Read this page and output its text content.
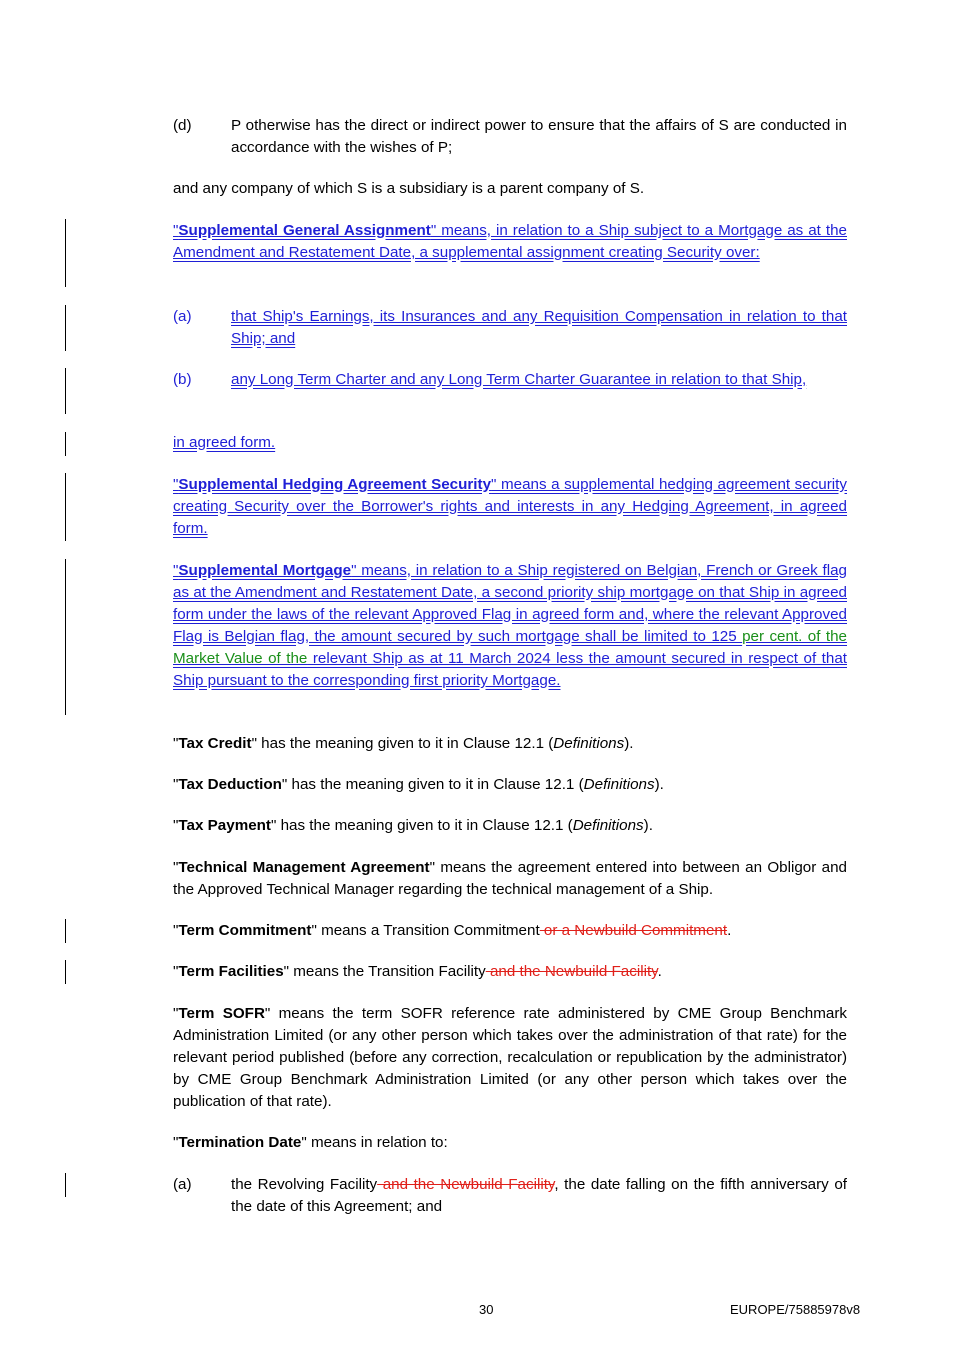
(d)	P otherwise has the direct or indirect power to ensure that the affairs of S are conducted in accordance with the wishes of P;

and any company of which S is a subsidiary is a parent company of S.

"Supplemental General Assignment" means, in relation to a Ship subject to a Mortgage as at the Amendment and Restatement Date, a supplemental assignment creating Security over:

(a)	that Ship's Earnings, its Insurances and any Requisition Compensation in relation to that Ship; and
(b)	any Long Term Charter and any Long Term Charter Guarantee in relation to that Ship,

in agreed form.

"Supplemental Hedging Agreement Security" means a supplemental hedging agreement security creating Security over the Borrower's rights and interests in any Hedging Agreement, in agreed form.

"Supplemental Mortgage" means, in relation to a Ship registered on Belgian, French or Greek flag as at the Amendment and Restatement Date, a second priority ship mortgage on that Ship in agreed form under the laws of the relevant Approved Flag in agreed form and, where the relevant Approved Flag is Belgian flag, the amount secured by such mortgage shall be limited to 125 per cent. of the Market Value of the relevant Ship as at 11 March 2024 less the amount secured in respect of that Ship pursuant to the corresponding first priority Mortgage.

"Tax Credit" has the meaning given to it in Clause 12.1 (Definitions).

"Tax Deduction" has the meaning given to it in Clause 12.1 (Definitions).

"Tax Payment" has the meaning given to it in Clause 12.1 (Definitions).

"Technical Management Agreement" means the agreement entered into between an Obligor and the Approved Technical Manager regarding the technical management of a Ship.

"Term Commitment" means a Transition Commitment or a Newbuild Commitment.

"Term Facilities" means the Transition Facility and the Newbuild Facility.

"Term SOFR" means the term SOFR reference rate administered by CME Group Benchmark Administration Limited (or any other person which takes over the administration of that rate) for the relevant period published (before any correction, recalculation or republication by the administrator) by CME Group Benchmark Administration Limited (or any other person which takes over the publication of that rate).

"Termination Date" means in relation to:

(a)	the Revolving Facility and the Newbuild Facility, the date falling on the fifth anniversary of the date of this Agreement; and
30	EUROPE/75885978v8
